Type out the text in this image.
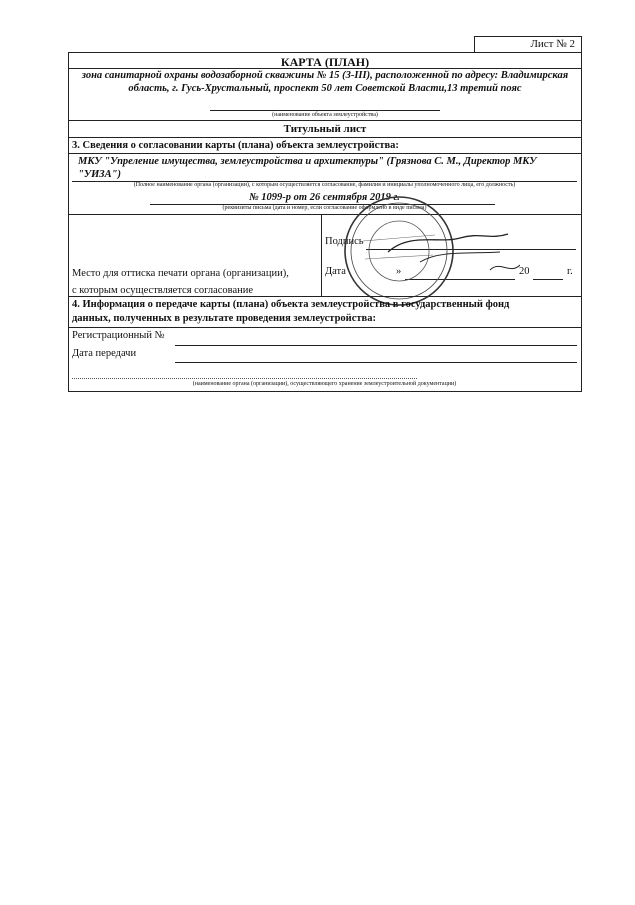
Лист № 2
КАРТА (ПЛАН)
зона санитарной охраны водозаборной скважины № 15 (3-III), расположенной по адресу: Владимирская область, г. Гусь-Хрустальный, проспект 50 лет Советской Власти,13 третий пояс
(наименование объекта землеустройства)
Титульный лист
3. Сведения о согласовании карты (плана) объекта землеустройства:
МКУ "Упреление имущества, землеустройства и архитектуры" (Грязнова С. М., Директор МКУ "УИЗА")
(Полное наименование органа (организации), с которым осуществляется согласование, фамилия и инициалы уполномоченного лица, его должность)
№ 1099-р от 26 сентября 2019 г.
(реквизиты письма (дата и номер, если согласование оформлено в виде письма)
Место для оттиска печати органа (организации),
с которым осуществляется согласование
Подпись
Дата	»	20	г.
4. Информация о передаче карты (плана) объекта землеустройства в государственный фонд
данных, полученных в результате проведения землеустройства:
Регистрационный №
Дата передачи
(наименование органа (организации), осуществляющего хранение землеустроительной документации)
